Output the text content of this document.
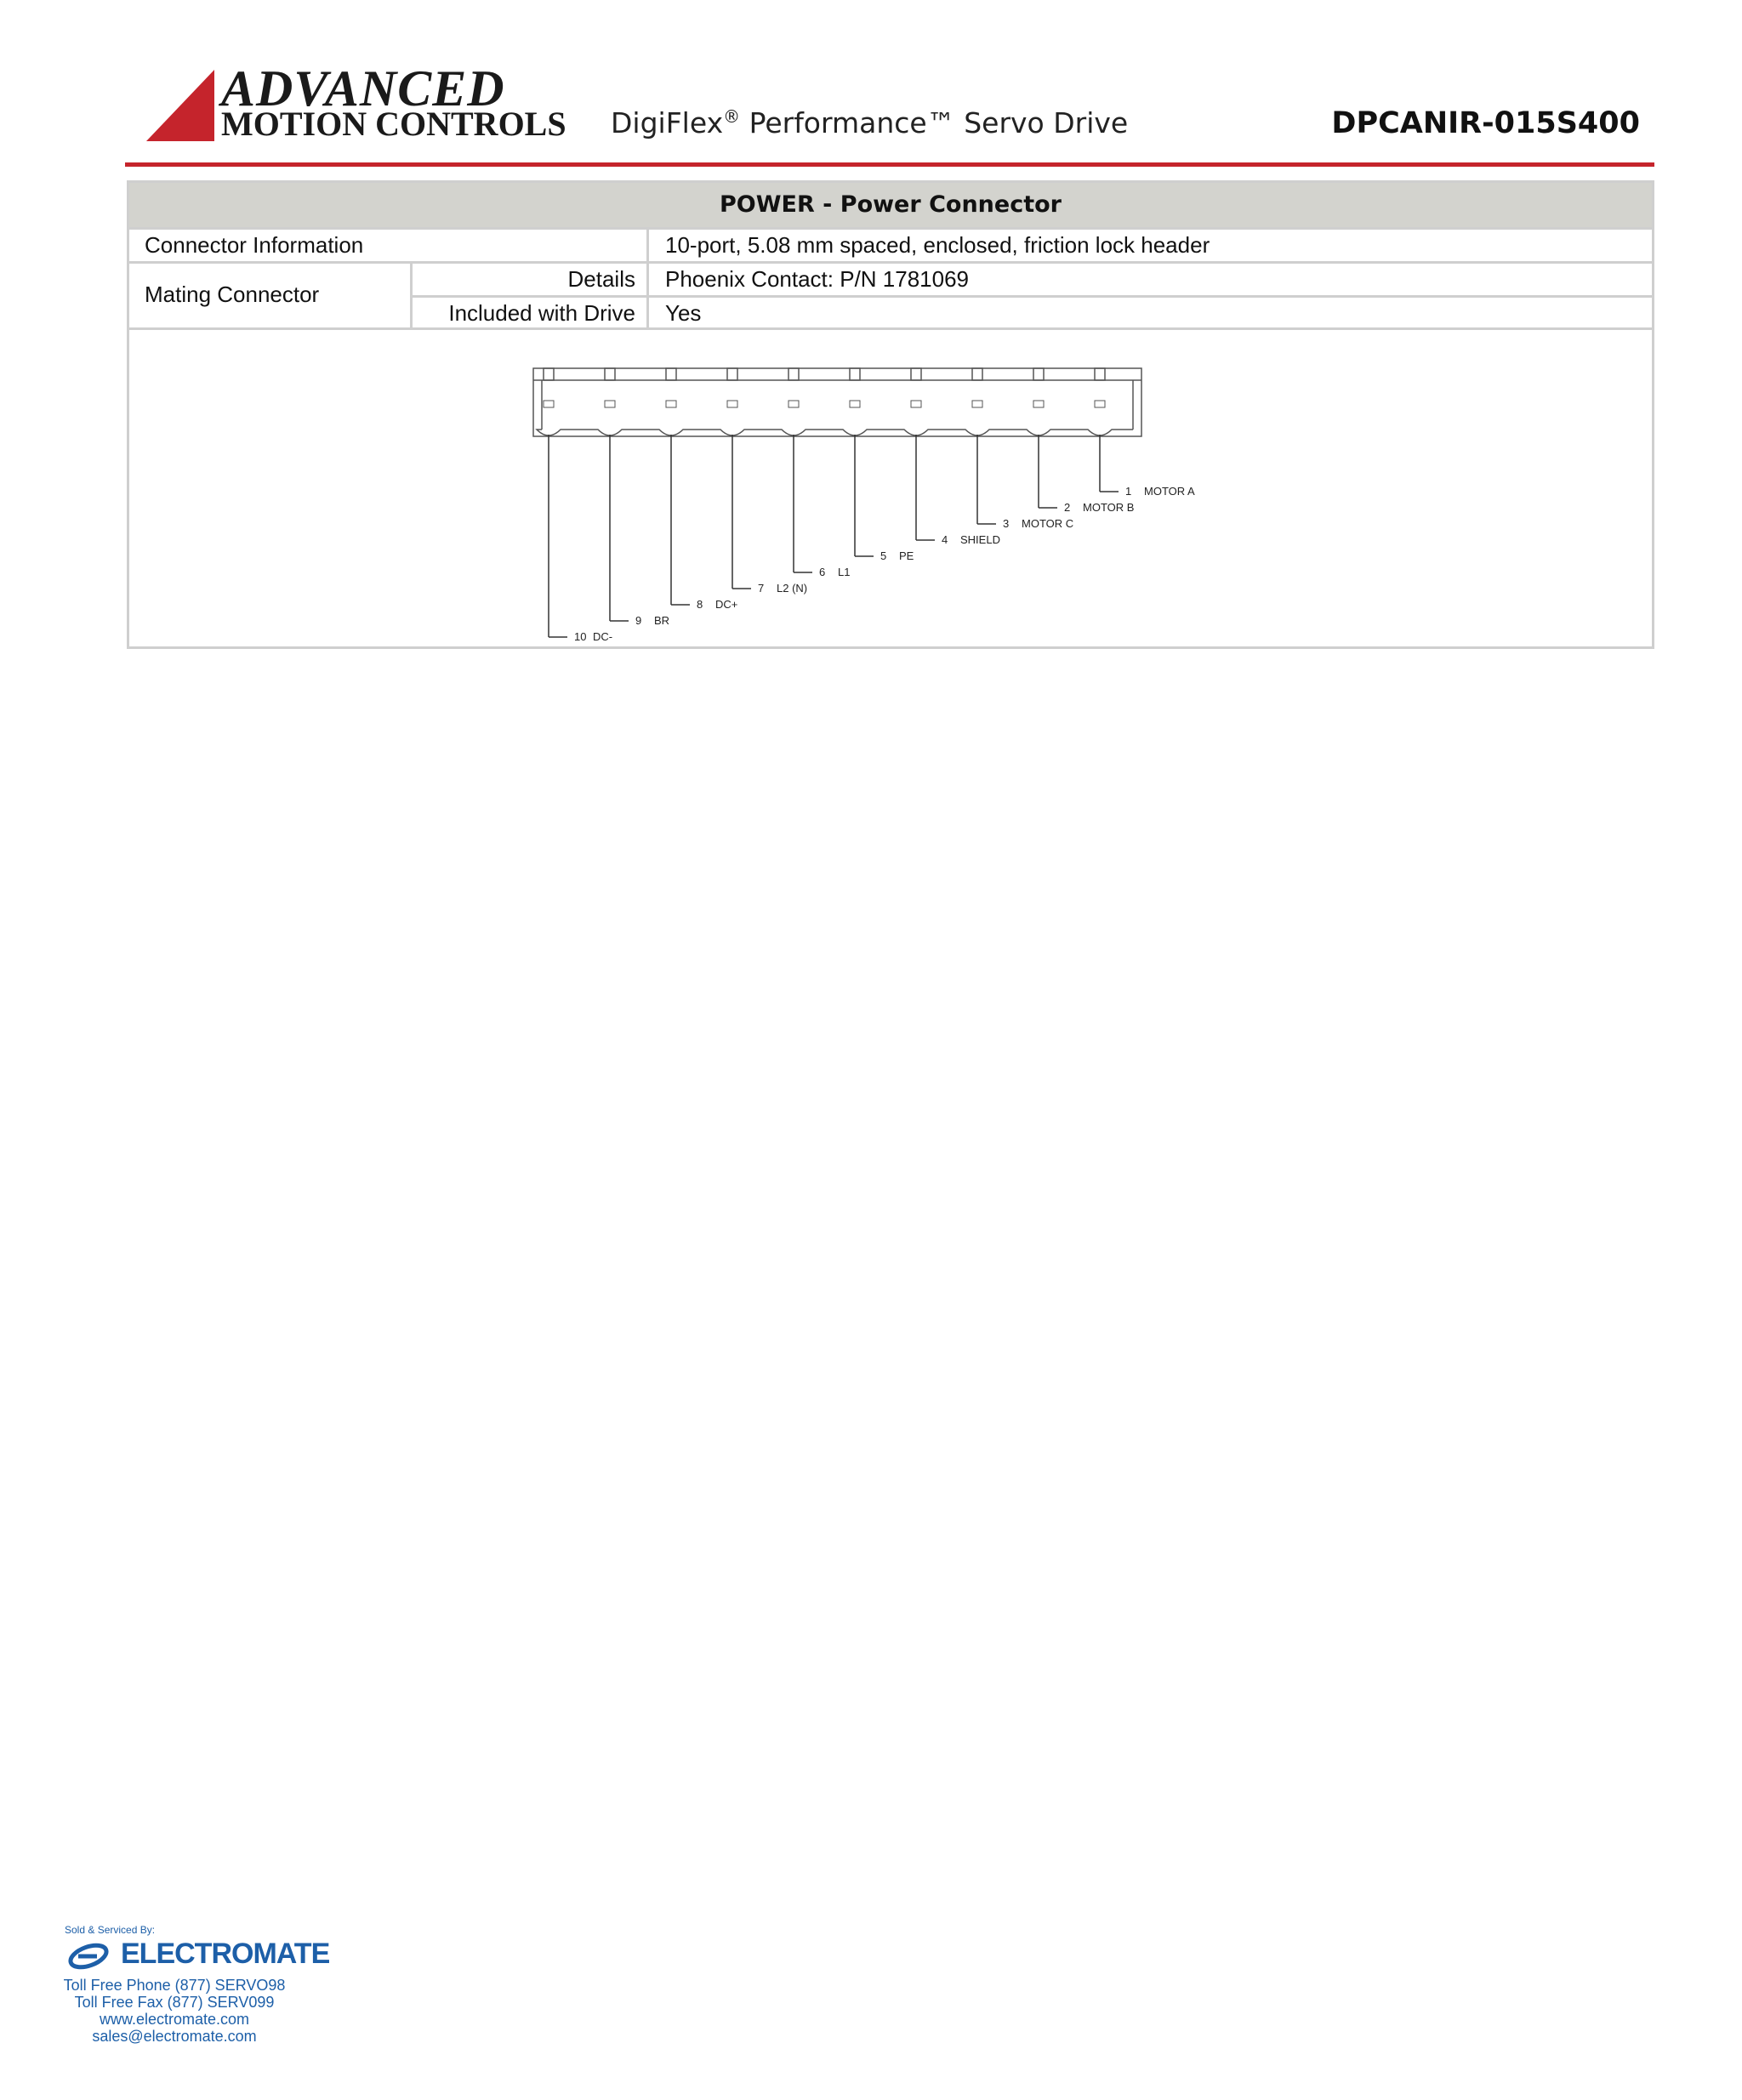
ADVANCED
MOTION CONTROLS DigiFlex® Performance™ Servo Drive	DPCANIR-015S400
POWER - Power Connector
Connector Information	10-port, 5.08 mm spaced, enclosed, friction lock header
Mating Connector
Details Phoenix Contact: P/N 1781069
Included with Drive Yes
10 DC-
9 BR
8 DC+
7 L2 (N)
6 L1
5 PE
4 SHIELD
3 MOTOR C
2 MOTOR B
1 MOTOR A
Sold & Serviced By:
ELECTROMATE
Toll Free Phone (877) SERVO98
Toll Free Fax (877) SERV099
www.electromate.com
sales@electromate.com
